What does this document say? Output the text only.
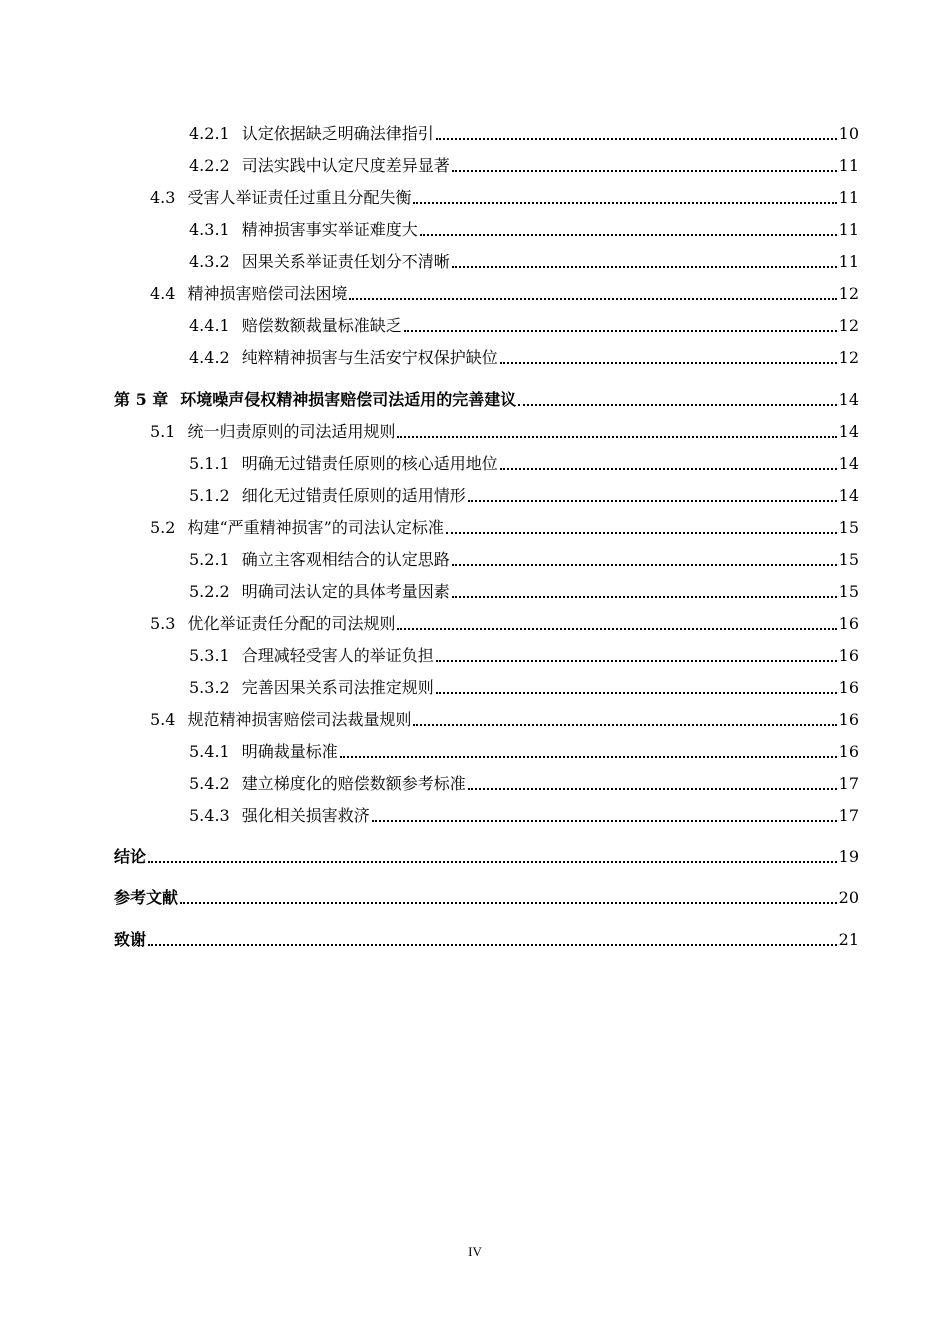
4.2.1 认定依据缺乏明确法律指引	10
4.2.2 司法实践中认定尺度差异显著	11
4.3 受害人举证责任过重且分配失衡	11
4.3.1 精神损害事实举证难度大	11
4.3.2 因果关系举证责任划分不清晰	11
4.4 精神损害赔偿司法困境	12
4.4.1 赔偿数额裁量标准缺乏	12
4.4.2 纯粹精神损害与生活安宁权保护缺位	12
第 5 章 环境噪声侵权精神损害赔偿司法适用的完善建议	14
5.1 统一归责原则的司法适用规则	14
5.1.1 明确无过错责任原则的核心适用地位	14
5.1.2 细化无过错责任原则的适用情形	14
5.2 构建“严重精神损害”的司法认定标准	15
5.2.1 确立主客观相结合的认定思路	15
5.2.2 明确司法认定的具体考量因素	15
5.3 优化举证责任分配的司法规则	16
5.3.1 合理减轻受害人的举证负担	16
5.3.2 完善因果关系司法推定规则	16
5.4 规范精神损害赔偿司法裁量规则	16
5.4.1 明确裁量标准	16
5.4.2 建立梯度化的赔偿数额参考标准	17
5.4.3 强化相关损害救济	17
结论	19
参考文献	20
致谢	21
IV
